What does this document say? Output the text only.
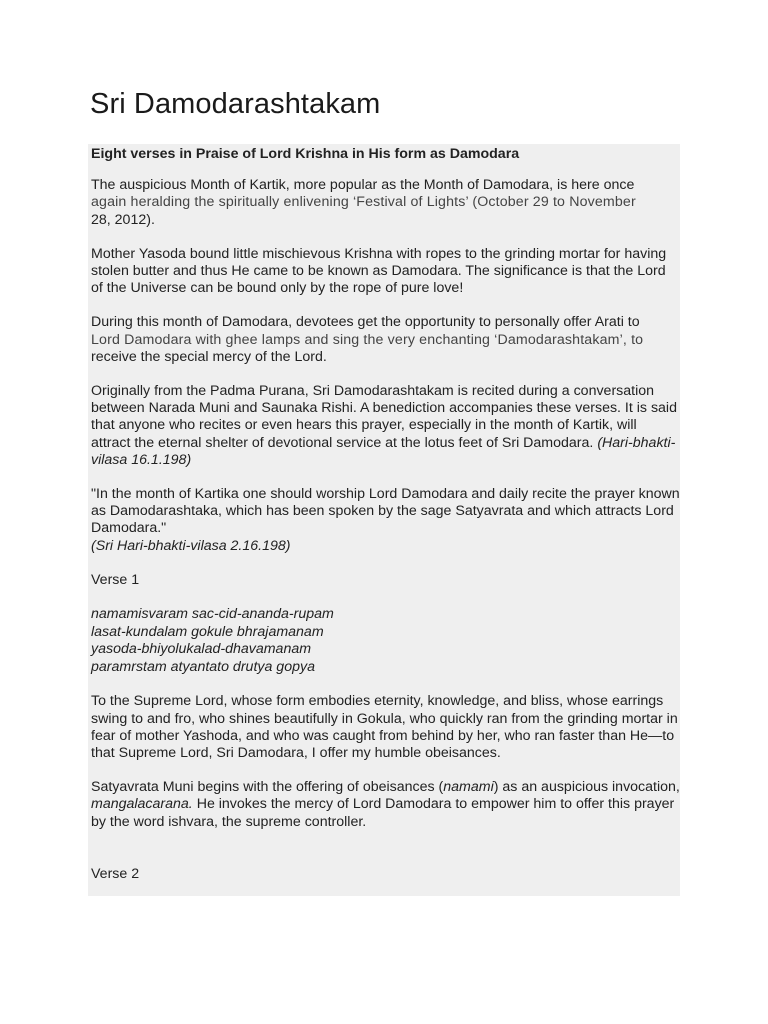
Sri Damodarashtakam

Eight verses in Praise of Lord Krishna in His form as Damodara

The auspicious Month of Kartik, more popular as the Month of Damodara, is here once
again heralding the spiritually enlivening ‘Festival of Lights’ (October 29 to November
28, 2012).

Mother Yasoda bound little mischievous Krishna with ropes to the grinding mortar for having stolen butter and thus He came to be known as Damodara. The significance is that the Lord of the Universe can be bound only by the rope of pure love!

During this month of Damodara, devotees get the opportunity to personally offer Arati to
Lord Damodara with ghee lamps and sing the very enchanting ‘Damodarashtakam’, to
receive the special mercy of the Lord.

Originally from the Padma Purana, Sri Damodarashtakam is recited during a conversation between Narada Muni and Saunaka Rishi. A benediction accompanies these verses. It is said that anyone who recites or even hears this prayer, especially in the month of Kartik, will attract the eternal shelter of devotional service at the lotus feet of Sri Damodara. (Hari-bhakti-vilasa 16.1.198)

"In the month of Kartika one should worship Lord Damodara and daily recite the prayer known as Damodarashtaka, which has been spoken by the sage Satyavrata and which attracts Lord Damodara."
(Sri Hari-bhakti-vilasa 2.16.198)

Verse 1

namamisvaram sac-cid-ananda-rupam
lasat-kundalam gokule bhrajamanam
yasoda-bhiyolukalad-dhavamanam
paramrstam atyantato drutya gopya

To the Supreme Lord, whose form embodies eternity, knowledge, and bliss, whose earrings swing to and fro, who shines beautifully in Gokula, who quickly ran from the grinding mortar in fear of mother Yashoda, and who was caught from behind by her, who ran faster than He—to that Supreme Lord, Sri Damodara, I offer my humble obeisances.

Satyavrata Muni begins with the offering of obeisances (namami) as an auspicious invocation, mangalacarana. He invokes the mercy of Lord Damodara to empower him to offer this prayer by the word ishvara, the supreme controller.

Verse 2
